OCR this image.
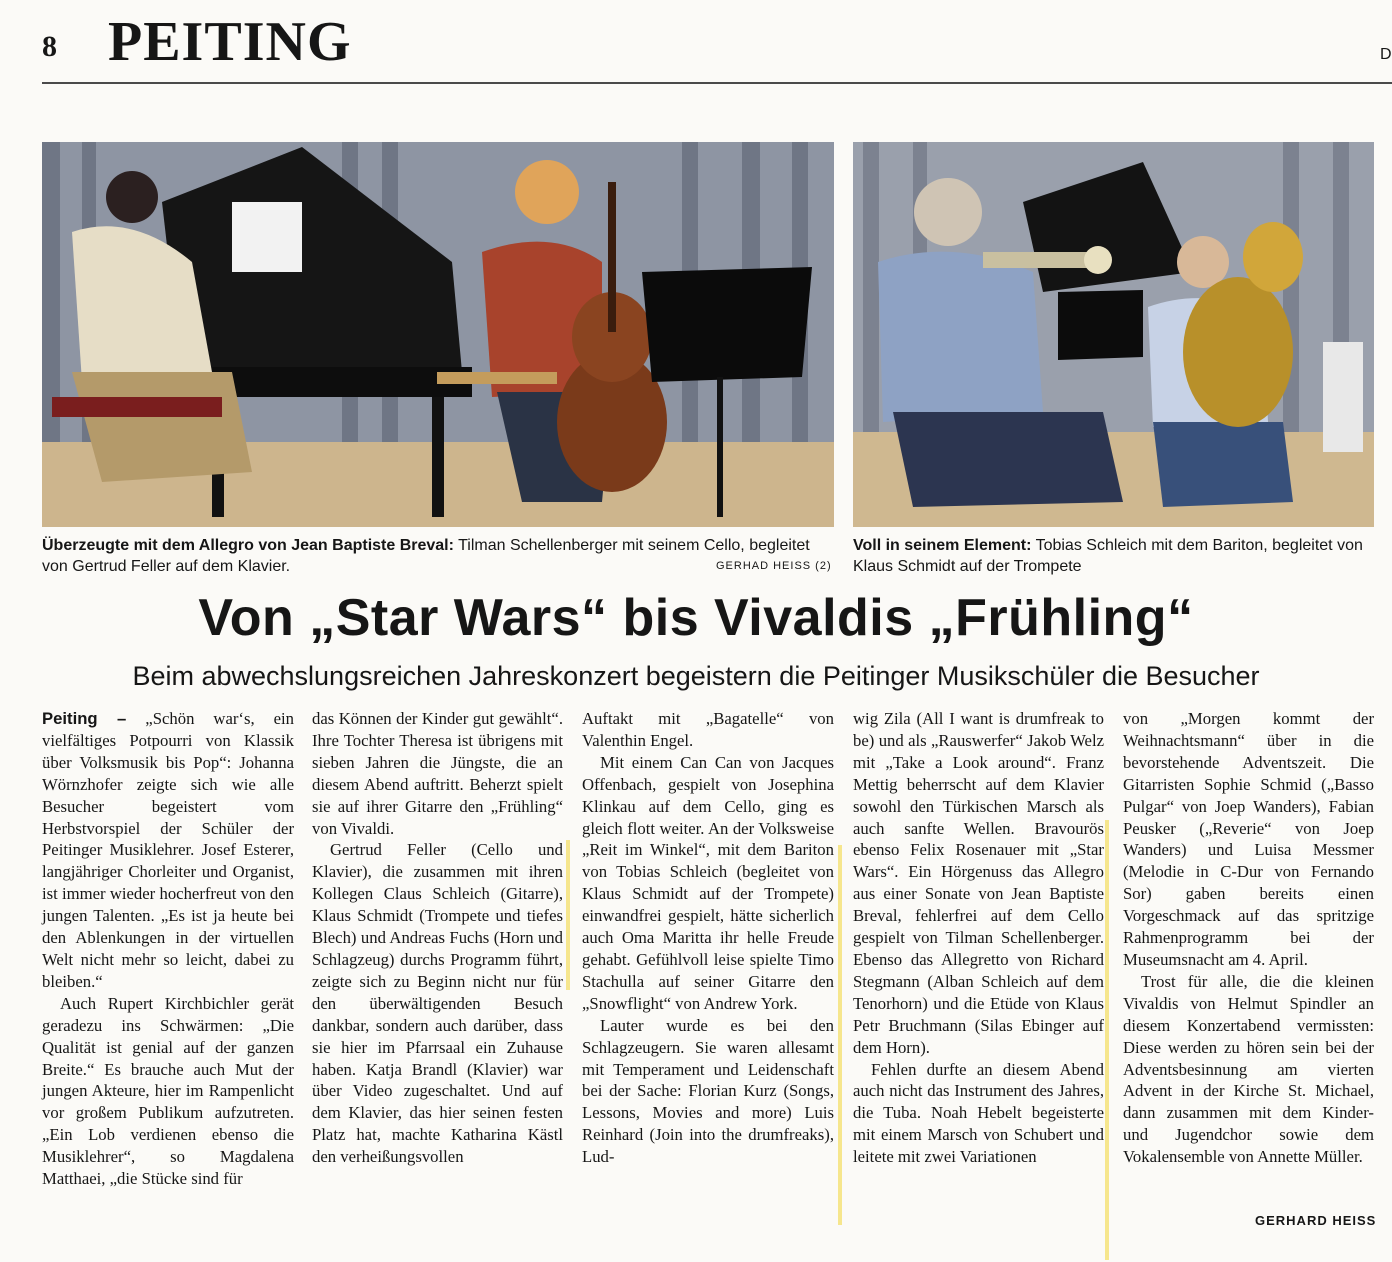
8 PEITING	D
Überzeugte mit dem Allegro von Jean Baptiste Breval: Tilman Schellenberger mit seinem Cello, begleitet von Gertrud Feller auf dem Klavier.	GERHAD HEISS (2)
Voll in seinem Element: Tobias Schleich mit dem Bariton, begleitet von Klaus Schmidt auf der Trompete
Von „Star Wars“ bis Vivaldis „Frühling“
Beim abwechslungsreichen Jahreskonzert begeistern die Peitinger Musikschüler die Besucher

Peiting – „Schön war‘s, ein vielfältiges Potpourri von Klassik über Volksmusik bis Pop“: Johanna Wörnzhofer zeigte sich wie alle Besucher begeistert vom Herbstvorspiel der Schüler der Peitinger Musiklehrer. Josef Esterer, langjähriger Chorleiter und Organist, ist immer wieder hocherfreut von den jungen Talenten. „Es ist ja heute bei den Ablenkungen in der virtuellen Welt nicht mehr so leicht, dabei zu bleiben.“

Auch Rupert Kirchbichler gerät geradezu ins Schwärmen: „Die Qualität ist genial auf der ganzen Breite.“ Es brauche auch Mut der jungen Akteure, hier im Rampenlicht vor großem Publikum aufzutreten. „Ein Lob verdienen ebenso die Musiklehrer“, so Magdalena Matthaei, „die Stücke sind für

das Können der Kinder gut gewählt“. Ihre Tochter Theresa ist übrigens mit sieben Jahren die Jüngste, die an diesem Abend auftritt. Beherzt spielt sie auf ihrer Gitarre den „Frühling“ von Vivaldi.

Gertrud Feller (Cello und Klavier), die zusammen mit ihren Kollegen Claus Schleich (Gitarre), Klaus Schmidt (Trompete und tiefes Blech) und Andreas Fuchs (Horn und Schlagzeug) durchs Programm führt, zeigte sich zu Beginn nicht nur für den überwältigenden Besuch dankbar, sondern auch darüber, dass sie hier im Pfarrsaal ein Zuhause haben. Katja Brandl (Klavier) war über Video zugeschaltet. Und auf dem Klavier, das hier seinen festen Platz hat, machte Katharina Kästl den verheißungsvollen

Auftakt mit „Bagatelle“ von Valenthin Engel.

Mit einem Can Can von Jacques Offenbach, gespielt von Josephina Klinkau auf dem Cello, ging es gleich flott weiter. An der Volksweise „Reit im Winkel“, mit dem Bariton von Tobias Schleich (begleitet von Klaus Schmidt auf der Trompete) einwandfrei gespielt, hätte sicherlich auch Oma Maritta ihr helle Freude gehabt. Gefühlvoll leise spielte Timo Stachulla auf seiner Gitarre den „Snowflight“ von Andrew York.

Lauter wurde es bei den Schlagzeugern. Sie waren allesamt mit Temperament und Leidenschaft bei der Sache: Florian Kurz (Songs, Lessons, Movies and more) Luis Reinhard (Join into the drumfreaks), Lud-

wig Zila (All I want is drumfreak to be) und als „Rauswerfer“ Jakob Welz mit „Take a Look around“. Franz Mettig beherrscht auf dem Klavier sowohl den Türkischen Marsch als auch sanfte Wellen. Bravourös ebenso Felix Rosenauer mit „Star Wars“. Ein Hörgenuss das Allegro aus einer Sonate von Jean Baptiste Breval, fehlerfrei auf dem Cello gespielt von Tilman Schellenberger. Ebenso das Allegretto von Richard Stegmann (Alban Schleich auf dem Tenorhorn) und die Etüde von Klaus Petr Bruchmann (Silas Ebinger auf dem Horn).

Fehlen durfte an diesem Abend auch nicht das Instrument des Jahres, die Tuba. Noah Hebelt begeisterte mit einem Marsch von Schubert und leitete mit zwei Variationen

von „Morgen kommt der Weihnachtsmann“ über in die bevorstehende Adventszeit. Die Gitarristen Sophie Schmid („Basso Pulgar“ von Joep Wanders), Fabian Peusker („Reverie“ von Joep Wanders) und Luisa Messmer (Melodie in C-Dur von Fernando Sor) gaben bereits einen Vorgeschmack auf das spritzige Rahmenprogramm bei der Museumsnacht am 4. April.

Trost für alle, die die kleinen Vivaldis von Helmut Spindler an diesem Konzertabend vermissten: Diese werden zu hören sein bei der Adventsbesinnung am vierten Advent in der Kirche St. Michael, dann zusammen mit dem Kinder- und Jugendchor sowie dem Vokalensemble von Annette Müller.

GERHARD HEISS
